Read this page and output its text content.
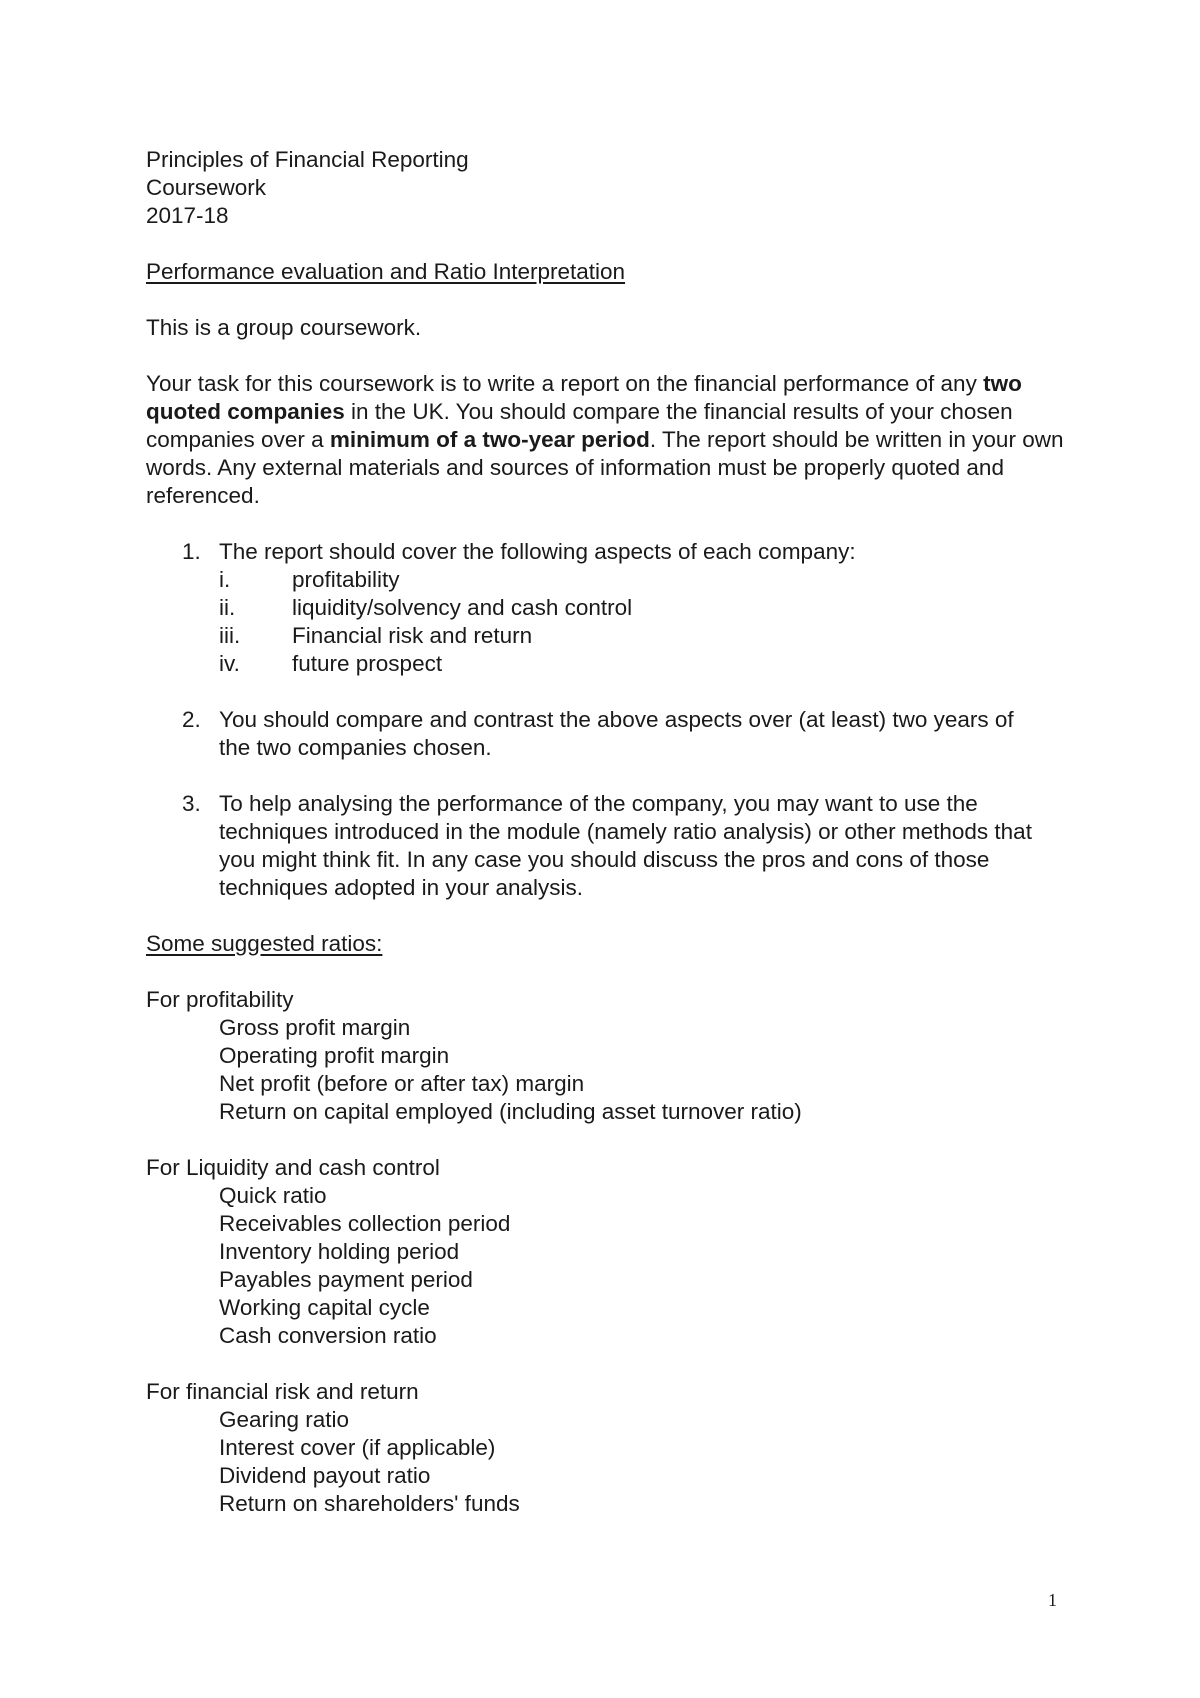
Principles of Financial Reporting
Coursework
2017-18
Performance evaluation and Ratio Interpretation
This is a group coursework.

Your task for this coursework is to write a report on the financial performance of any two quoted companies in the UK. You should compare the financial results of your chosen companies over a minimum of a two-year period. The report should be written in your own words. Any external materials and sources of information must be properly quoted and referenced.

1. The report should cover the following aspects of each company:
i.	profitability
ii.	liquidity/solvency and cash control
iii. Financial risk and return
iv. future prospect
2. You should compare and contrast the above aspects over (at least) two years of the two companies chosen.
3. To help analysing the performance of the company, you may want to use the techniques introduced in the module (namely ratio analysis) or other methods that you might think fit. In any case you should discuss the pros and cons of those techniques adopted in your analysis.
Some suggested ratios:
For profitability
Gross profit margin
Operating profit margin
Net profit (before or after tax) margin
Return on capital employed (including asset turnover ratio)
For Liquidity and cash control
Quick ratio
Receivables collection period
Inventory holding period
Payables payment period
Working capital cycle
Cash conversion ratio
For financial risk and return
Gearing ratio
Interest cover (if applicable)
Dividend payout ratio
Return on shareholders' funds
1
